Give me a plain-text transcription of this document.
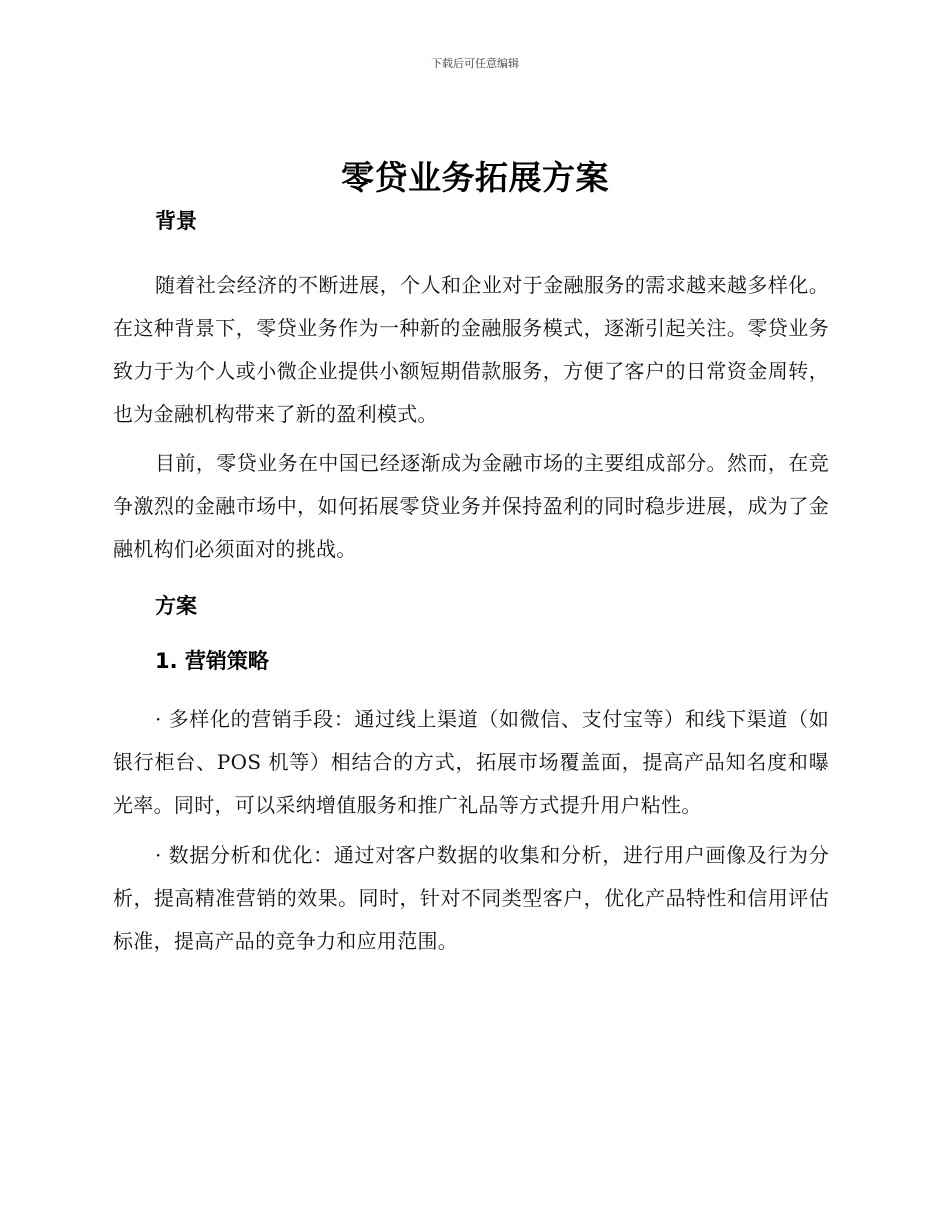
下载后可任意编辑
零贷业务拓展方案
背景

随着社会经济的不断进展，个人和企业对于金融服务的需求越来越多样化。在这种背景下，零贷业务作为一种新的金融服务模式，逐渐引起关注。零贷业务致力于为个人或小微企业提供小额短期借款服务，方便了客户的日常资金周转，也为金融机构带来了新的盈利模式。

目前，零贷业务在中国已经逐渐成为金融市场的主要组成部分。然而，在竞争激烈的金融市场中，如何拓展零贷业务并保持盈利的同时稳步进展，成为了金融机构们必须面对的挑战。

方案
1. 营销策略

· 多样化的营销手段：通过线上渠道（如微信、支付宝等）和线下渠道（如银行柜台、POS 机等）相结合的方式，拓展市场覆盖面，提高产品知名度和曝光率。同时，可以采纳增值服务和推广礼品等方式提升用户粘性。

· 数据分析和优化：通过对客户数据的收集和分析，进行用户画像及行为分析，提高精准营销的效果。同时，针对不同类型客户，优化产品特性和信用评估标准，提高产品的竞争力和应用范围。
